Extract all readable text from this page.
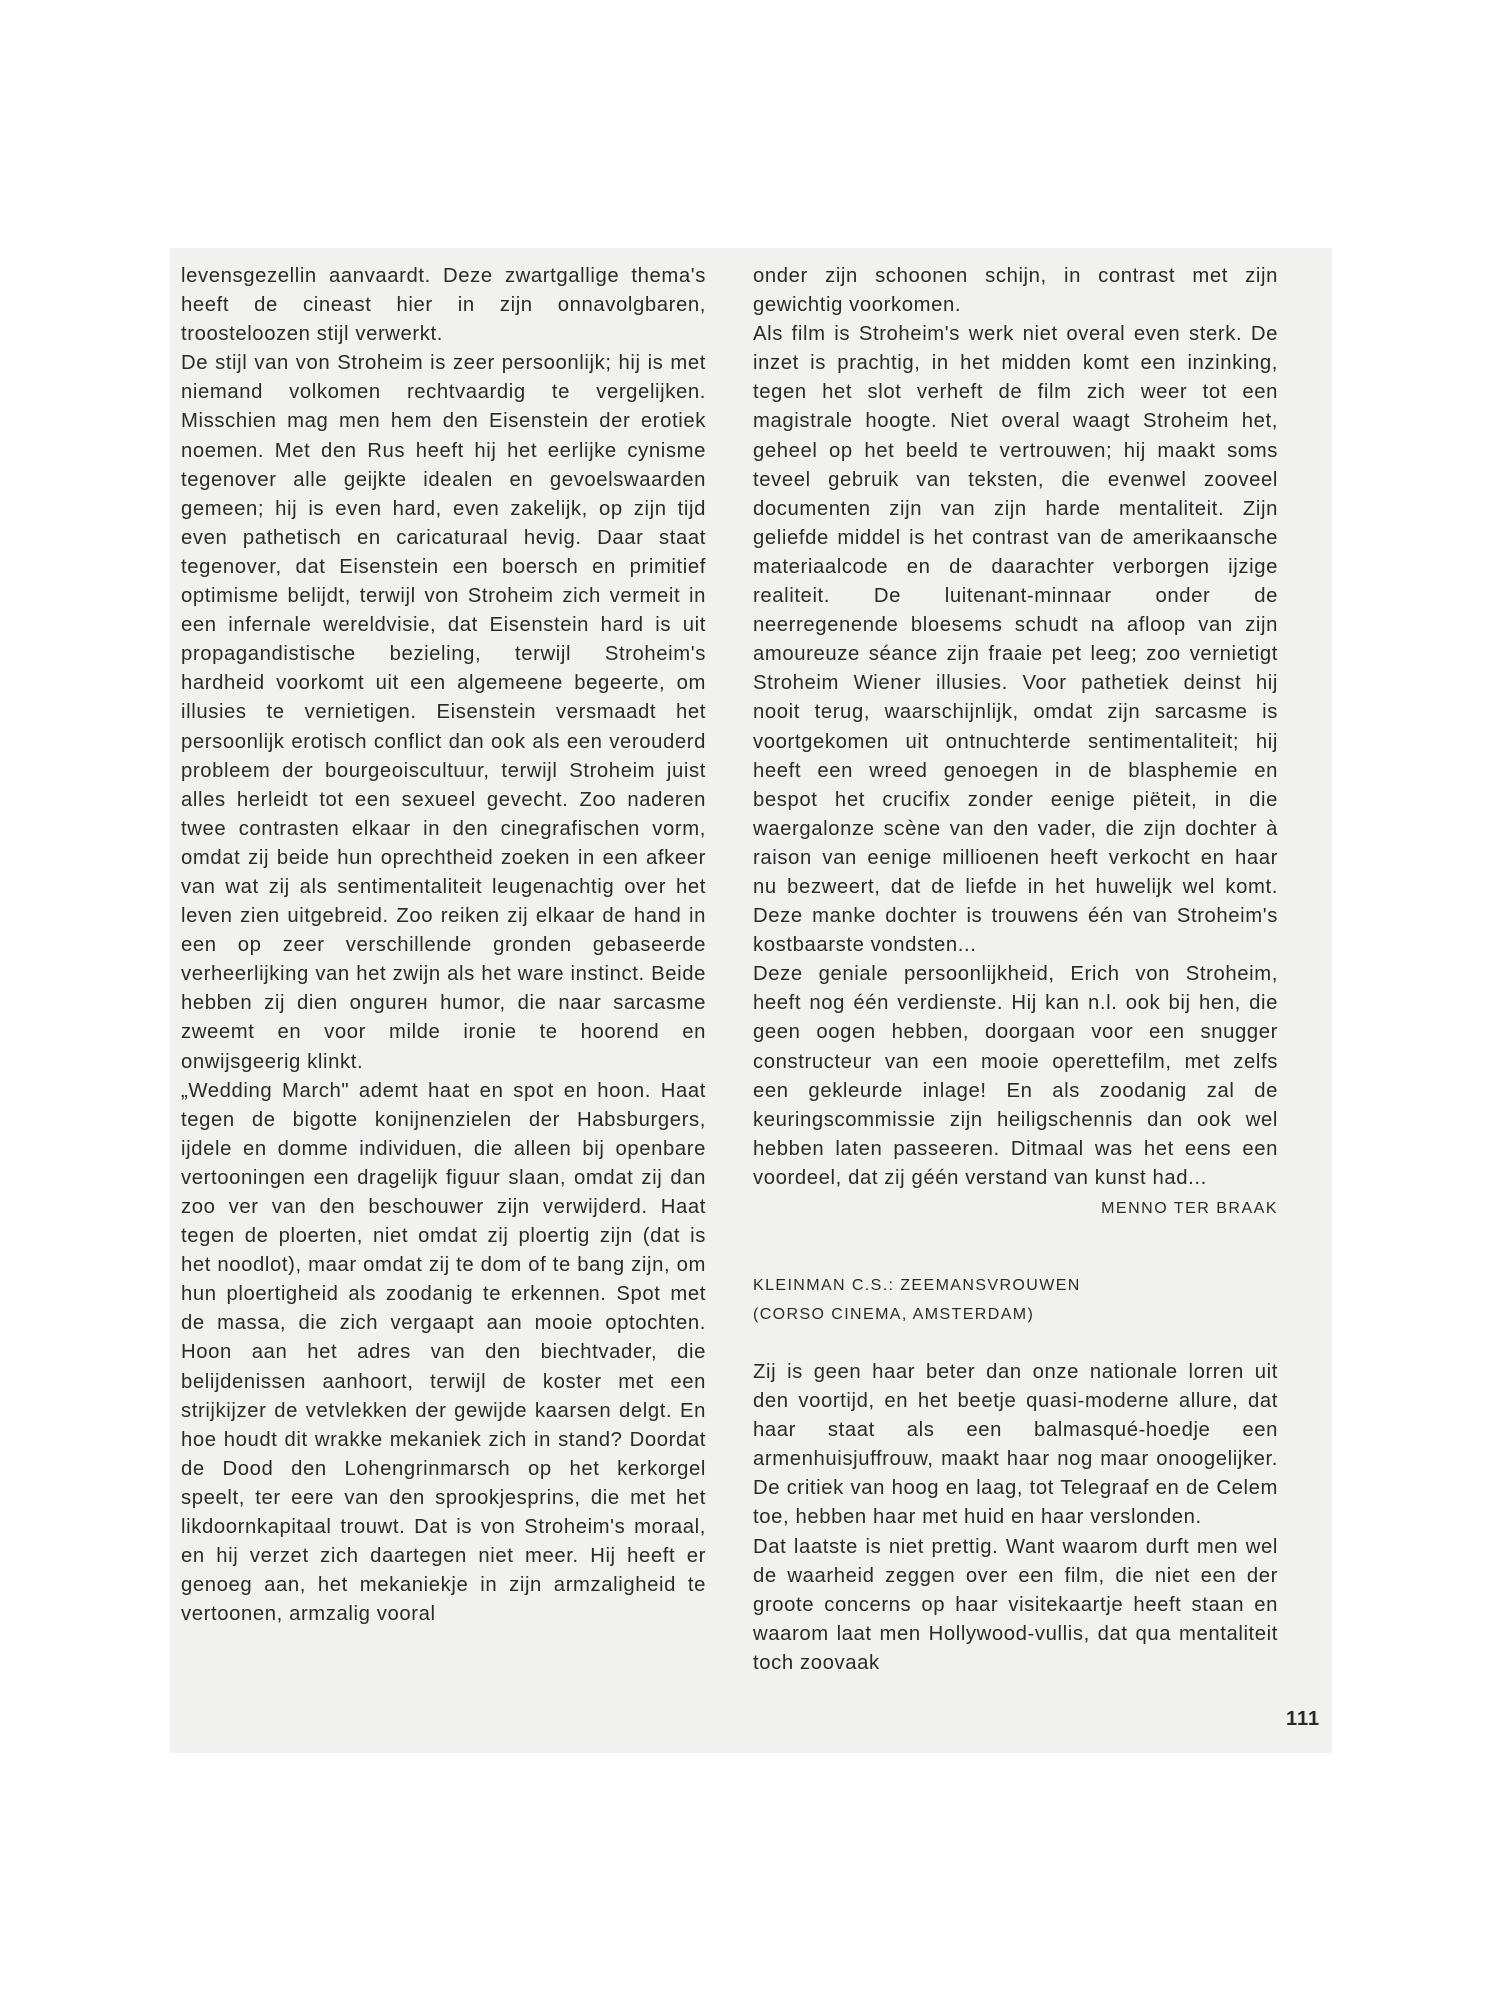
levensgezellin aanvaardt. Deze zwartgallige thema's heeft de cineast hier in zijn onnavolgbaren, troosteloozen stijl verwerkt.

De stijl van von Stroheim is zeer persoonlijk; hij is met niemand volkomen rechtvaardig te vergelijken. Misschien mag men hem den Eisenstein der erotiek noemen. Met den Rus heeft hij het eerlijke cynisme tegenover alle geijkte idealen en gevoelswaarden gemeen; hij is even hard, even zakelijk, op zijn tijd even pathetisch en caricaturaal hevig. Daar staat tegenover, dat Eisenstein een boersch en primitief optimisme belijdt, terwijl von Stroheim zich vermeit in een infernale wereldvisie, dat Eisenstein hard is uit propagandistische bezieling, terwijl Stroheim's hardheid voorkomt uit een algemeene begeerte, om illusies te vernietigen. Eisenstein versmaadt het persoonlijk erotisch conflict dan ook als een verouderd probleem der bourgeoiscultuur, terwijl Stroheim juist alles herleidt tot een sexueel gevecht. Zoo naderen twee contrasten elkaar in den cinegrafischen vorm, omdat zij beide hun oprechtheid zoeken in een afkeer van wat zij als sentimentaliteit leugenachtig over het leven zien uitgebreid. Zoo reiken zij elkaar de hand in een op zeer verschillende gronden gebaseerde verheerlijking van het zwijn als het ware instinct. Beide hebben zij dien ongurен humor, die naar sarcasme zweemt en voor milde ironie te hoorend en onwijsgeerig klinkt.

„Wedding March" ademt haat en spot en hoon. Haat tegen de bigotte konijnenzielen der Habsburgers, ijdele en domme individuen, die alleen bij openbare vertooningen een dragelijk figuur slaan, omdat zij dan zoo ver van den beschouwer zijn verwijderd. Haat tegen de ploerten, niet omdat zij ploertig zijn (dat is het noodlot), maar omdat zij te dom of te bang zijn, om hun ploertigheid als zoodanig te erkennen. Spot met de massa, die zich vergaapt aan mooie optochten. Hoon aan het adres van den biechtvader, die belijdenissen aanhoort, terwijl de koster met een strijkijzer de vetvlekken der gewijde kaarsen delgt. En hoe houdt dit wrakke mekaniek zich in stand? Doordat de Dood den Lohengrinmarsch op het kerkorgel speelt, ter eere van den sprookjesprins, die met het likdoornkapitaal trouwt. Dat is von Stroheim's moraal, en hij verzet zich daartegen niet meer. Hij heeft er genoeg aan, het mekaniekje in zijn armzaligheid te vertoonen, armzalig vooral

onder zijn schoonen schijn, in contrast met zijn gewichtig voorkomen.

Als film is Stroheim's werk niet overal even sterk. De inzet is prachtig, in het midden komt een inzinking, tegen het slot verheft de film zich weer tot een magistrale hoogte. Niet overal waagt Stroheim het, geheel op het beeld te vertrouwen; hij maakt soms teveel gebruik van teksten, die evenwel zooveel documenten zijn van zijn harde mentaliteit. Zijn geliefde middel is het contrast van de amerikaansche materiaalcode en de daarachter verborgen ijzige realiteit. De luitenant-minnaar onder de neerregenende bloesems schudt na afloop van zijn amoureuze séance zijn fraaie pet leeg; zoo vernietigt Stroheim Wiener illusies. Voor pathetiek deinst hij nooit terug, waarschijnlijk, omdat zijn sarcasme is voortgekomen uit ontnuchterde sentimentaliteit; hij heeft een wreed genoegen in de blasphemie en bespot het crucifix zonder eenige piëteit, in die waergalonze scène van den vader, die zijn dochter à raison van eenige millioenen heeft verkocht en haar nu bezweert, dat de liefde in het huwelijk wel komt. Deze manke dochter is trouwens één van Stroheim's kostbaarste vondsten...

Deze geniale persoonlijkheid, Erich von Stroheim, heeft nog één verdienste. Hij kan n.l. ook bij hen, die geen oogen hebben, doorgaan voor een snugger constructeur van een mooie operettefilm, met zelfs een gekleurde inlage! En als zoodanig zal de keuringscommissie zijn heiligschennis dan ook wel hebben laten passeeren. Ditmaal was het eens een voordeel, dat zij géén verstand van kunst had...

MENNO TER BRAAK
KLEINMAN C.S.: ZEEMANSVROUWEN
(CORSO CINEMA, AMSTERDAM)

Zij is geen haar beter dan onze nationale lorren uit den voortijd, en het beetje quasi-moderne allure, dat haar staat als een balmasqué-hoedje een armenhuisjuffrouw, maakt haar nog maar onoogelijker. De critiek van hoog en laag, tot Telegraaf en de Celem toe, hebben haar met huid en haar verslonden.

Dat laatste is niet prettig. Want waarom durft men wel de waarheid zeggen over een film, die niet een der groote concerns op haar visitekaartje heeft staan en waarom laat men Hollywood-vullis, dat qua mentaliteit toch zoovaak

111
